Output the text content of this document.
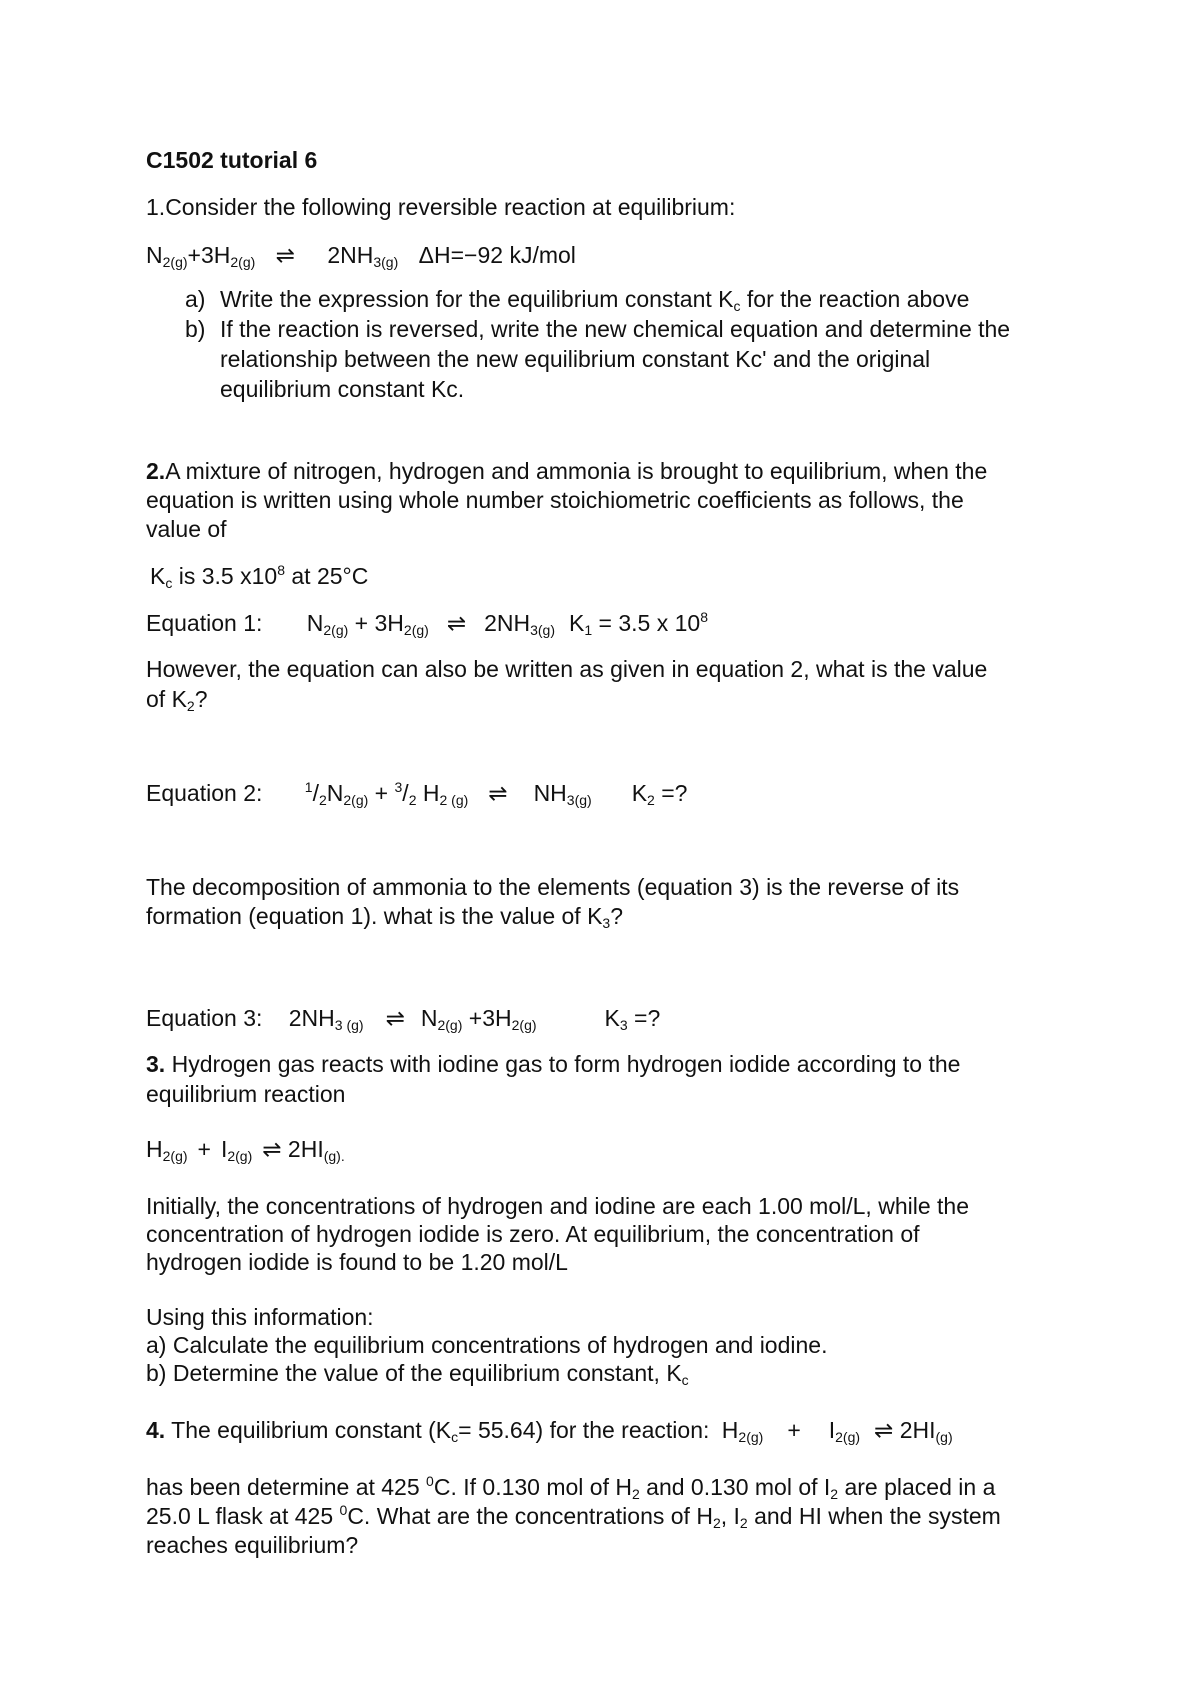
C1502 tutorial 6
1.Consider the following reversible reaction at equilibrium:
$N_{2(g)}+3H_{2(g)}$ ⇌ $2NH_{3(g)}$ ΔH=−92 kJ/mol
a) Write the expression for the equilibrium constant $K_c$ for the reaction above
b) If the reaction is reversed, write the new chemical equation and determine the
relationship between the new equilibrium constant Kc' and the original
equilibrium constant Kc.
2.A mixture of nitrogen, hydrogen and ammonia is brought to equilibrium, when the
equation is written using whole number stoichiometric coefficients as follows, the
value of
$K_c$ is 3.5 $x10^8$ at 25°C
Equation 1: $N_{2(g)} + 3H_{2(g)}$ ⇌ $2NH_{3(g)}$ $K_1 = 3.5$ x $10^8$
However, the equation can also be written as given in equation 2, what is the value
of $K_2$?
Equation 2:	$^1/_2N_{2(g)} + ^3/_2$ $H_{2 (g)}$ ⇌ $NH_{3(g)}$ $K_2$ =?
The decomposition of ammonia to the elements (equation 3) is the reverse of its
formation (equation 1). what is the value of $K_3$?
Equation 3: $2NH_{3 (g)}$ ⇌ $N_{2(g)} +3H_{2(g)}$	$K_3$ =?
3. Hydrogen gas reacts with iodine gas to form hydrogen iodide according to the
equilibrium reaction
$H_{2(g)} + I_{2(g)}$ ⇌ $2HI_{(g).}$
Initially, the concentrations of hydrogen and iodine are each 1.00 mol/L, while the
concentration of hydrogen iodide is zero. At equilibrium, the concentration of
hydrogen iodide is found to be 1.20 mol/L
Using this information:
a) Calculate the equilibrium concentrations of hydrogen and iodine.
b) Determine the value of the equilibrium constant, $K_c$
4. The equilibrium constant $(K_c= 55.64)$ for the reaction: $H_{2(g)} + I_{2(g)}$ ⇌ $2HI_{(g)}$
has been determine at 425 $^0$C. If 0.130 mol of $H_2$ and 0.130 mol of $I_2$ are placed in a
25.0 L flask at 425 $^0$C. What are the concentrations of $H_2$, $I_2$ and HI when the system
reaches equilibrium?
